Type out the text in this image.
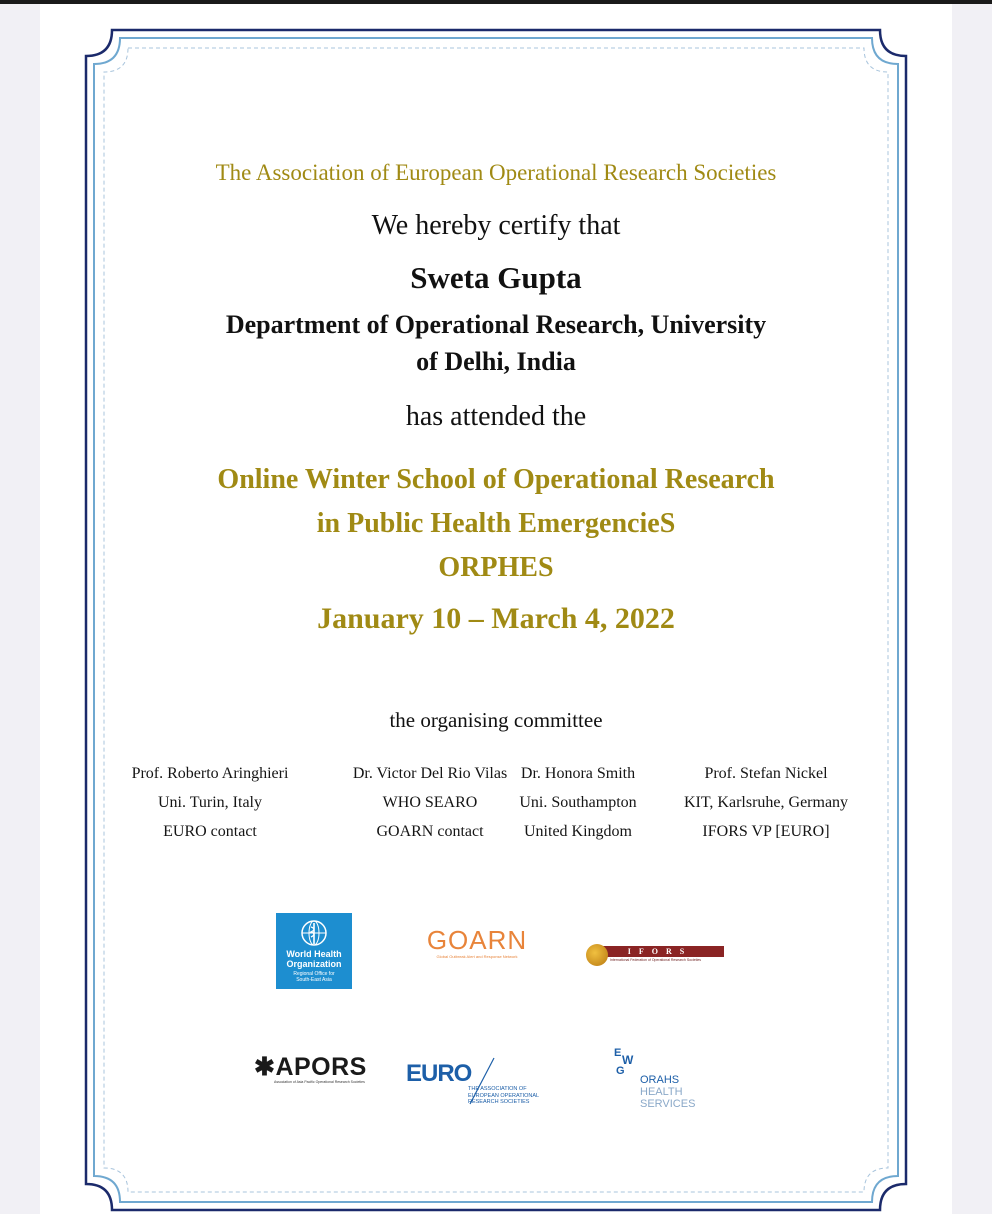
The Association of European Operational Research Societies
We hereby certify that
Sweta Gupta
Department of Operational Research, University
of Delhi, India
has attended the
Online Winter School of Operational Research
in Public Health EmergencieS
ORPHES
January 10 – March 4, 2022
the organising committee
Prof. Roberto Aringhieri
Uni. Turin, Italy
EURO contact
Dr. Victor Del Rio Vilas
WHO SEARO
GOARN contact
Dr. Honora Smith
Uni. Southampton
United Kingdom
Prof. Stefan Nickel
KIT, Karlsruhe, Germany
IFORS VP [EURO]
World Health
Organization
Regional Office for
South-East Asia
GOARN
Global Outbreak Alert and Response Network
IFORS
International Federation of Operational Research Societies
✱APORS
Association of Asia Pacific Operational Research Societies	EURO
THE ASSOCIATION OF
EUROPEAN OPERATIONAL
RESEARCH SOCIETIES
E W
G
ORAHS
HEALTH
SERVICES
